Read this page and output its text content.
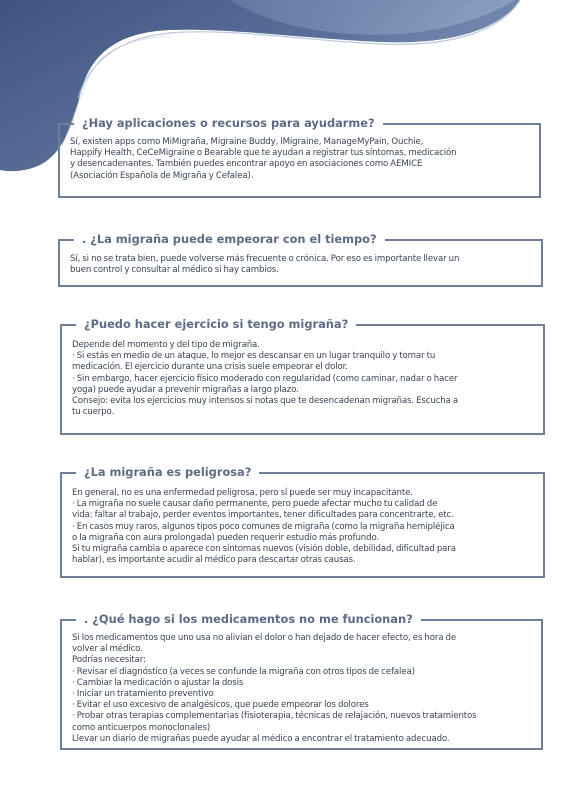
¿Hay aplicaciones o recursos para ayudarme?
Sí, existen apps como MiMigraña, Migraine Buddy, iMigraine, ManageMyPain, Ouchie,
Happify Health, CeCeMigraine o Bearable que te ayudan a registrar tus síntomas, medicación
y desencadenantes. También puedes encontrar apoyo en asociaciones como AEMICE
(Asociación Española de Migraña y Cefalea).
. ¿La migraña puede empeorar con el tiempo?
Sí, si no se trata bien, puede volverse más frecuente o crónica. Por eso es importante llevar un
buen control y consultar al médico si hay cambios.
¿Puedo hacer ejercicio si tengo migraña?
Depende del momento y del tipo de migraña.
· Si estás en medio de un ataque, lo mejor es descansar en un lugar tranquilo y tomar tu
medicación. El ejercicio durante una crisis suele empeorar el dolor.
· Sin embargo, hacer ejercicio físico moderado con regularidad (como caminar, nadar o hacer
yoga) puede ayudar a prevenir migrañas a largo plazo.
Consejo: evita los ejercicios muy intensos si notas que te desencadenan migrañas. Escucha a
tu cuerpo.
¿La migraña es peligrosa?
En general, no es una enfermedad peligrosa, pero sí puede ser muy incapacitante.
· La migraña no suele causar daño permanente, pero puede afectar mucho tu calidad de
vida: faltar al trabajo, perder eventos importantes, tener dificultades para concentrarte, etc.
· En casos muy raros, algunos tipos poco comunes de migraña (como la migraña hemipléjica
o la migraña con aura prolongada) pueden requerir estudio más profundo.
Si tu migraña cambia o aparece con síntomas nuevos (visión doble, debilidad, dificultad para
hablar), es importante acudir al médico para descartar otras causas.
. ¿Qué hago si los medicamentos no me funcionan?
Si los medicamentos que uno usa no alivian el dolor o han dejado de hacer efecto, es hora de
volver al médico.
Podrías necesitar:
· Revisar el diagnóstico (a veces se confunde la migraña con otros tipos de cefalea)
· Cambiar la medicación o ajustar la dosis
· Iniciar un tratamiento preventivo
· Evitar el uso excesivo de analgésicos, que puede empeorar los dolores
· Probar otras terapias complementarias (fisioterapia, técnicas de relajación, nuevos tratamientos
como anticuerpos monoclonales)
Llevar un diario de migrañas puede ayudar al médico a encontrar el tratamiento adecuado.
